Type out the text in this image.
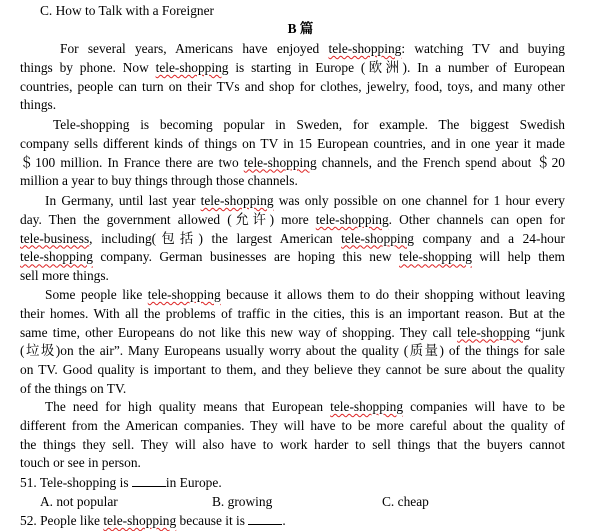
C. How to Talk with a Foreigner
B 篇
For several years, Americans have enjoyed tele-shopping: watching TV and buying
things by phone. Now tele-shopping is starting in Europe (欧洲). In a number of European
countries, people can turn on their TVs and shop for clothes, jewelry, food, toys, and many other
things.
Tele-shopping is becoming popular in Sweden, for example. The biggest Swedish
company sells different kinds of things on TV in 15 European countries, and in one year it made
＄100 million. In France there are two tele-shopping channels, and the French spend about ＄20
million a year to buy things through those channels.
In Germany, until last year tele-shopping was only possible on one channel for 1 hour every
day. Then the government allowed (允许) more tele-shopping. Other channels can open for
tele-business, including(包括) the largest American tele-shopping company and a 24-hour
tele-shopping company. German businesses are hoping this new tele-shopping will help them
sell more things.
Some people like tele-shopping because it allows them to do their shopping without leaving
their homes. With all the problems of traffic in the cities, this is an important reason. But at the
same time, other Europeans do not like this new way of shopping. They call tele-shopping “junk
(垃圾)on the air”. Many Europeans usually worry about the quality (质量) of the things for sale
on TV. Good quality is important to them, and they believe they cannot be sure about the quality
of the things on TV.
The need for high quality means that European tele-shopping companies will have to be
different from the American companies. They will have to be more careful about the quality of
the things they sell. They will also have to work harder to sell things that the buyers cannot
touch or see in person.
51. Tele-shopping is	in Europe.
A. not popular	B. growing	C. cheap
52. People like tele-shopping because it is	.
